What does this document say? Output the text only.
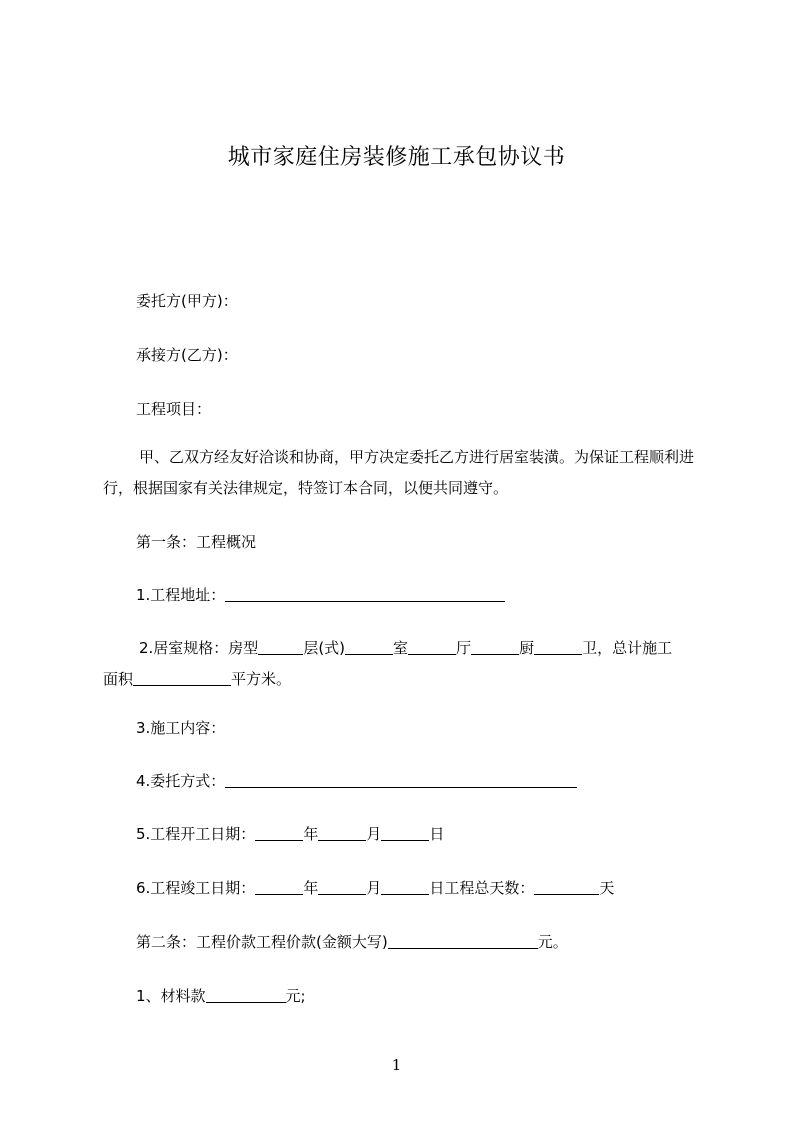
城市家庭住房装修施工承包协议书
委托方(甲方)：
承接方(乙方)：
工程项目：
甲、乙双方经友好洽谈和协商，甲方决定委托乙方进行居室装潢。为保证工程顺利进行，根据国家有关法律规定，特签订本合同，以便共同遵守。
第一条：工程概况
1.工程地址：
2.居室规格：房型	层(式)	室	厅	厨	卫，总计施工
面积	平方米。
3.施工内容：
4.委托方式：
5.工程开工日期：	年	月	日
6.工程竣工日期：	年	月	日工程总天数：	天
第二条：工程价款工程价款(金额大写)	元。
1、材料款	元;
1
